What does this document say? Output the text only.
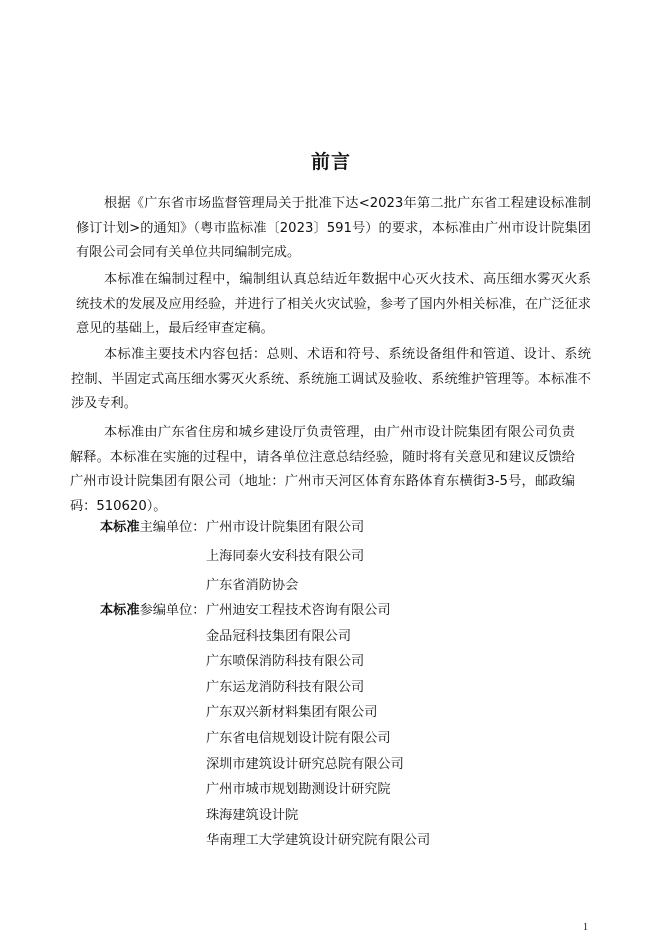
前言

根据《广东省市场监督管理局关于批准下达<2023年第二批广东省工程建设标准制修订计划>的通知》（粤市监标准〔2023〕591号）的要求，本标准由广州市设计院集团有限公司会同有关单位共同编制完成。

本标准在编制过程中，编制组认真总结近年数据中心灭火技术、高压细水雾灭火系统技术的发展及应用经验，并进行了相关火灾试验，参考了国内外相关标准，在广泛征求意见的基础上，最后经审查定稿。

本标准主要技术内容包括：总则、术语和符号、系统设备组件和管道、设计、系统控制、半固定式高压细水雾灭火系统、系统施工调试及验收、系统维护管理等。本标准不涉及专利。

本标准由广东省住房和城乡建设厅负责管理，由广州市设计院集团有限公司负责解释。本标准在实施的过程中，请各单位注意总结经验，随时将有关意见和建议反馈给广州市设计院集团有限公司（地址：广州市天河区体育东路体育东横街3-5号，邮政编码：510620）。

本标准主编单位： 广州市设计院集团有限公司
上海同泰火安科技有限公司
广东省消防协会
本标准参编单位： 广州迪安工程技术咨询有限公司
金品冠科技集团有限公司
广东喷保消防科技有限公司
广东运龙消防科技有限公司
广东双兴新材料集团有限公司
广东省电信规划设计院有限公司
深圳市建筑设计研究总院有限公司
广州市城市规划勘测设计研究院
珠海建筑设计院
华南理工大学建筑设计研究院有限公司
1
